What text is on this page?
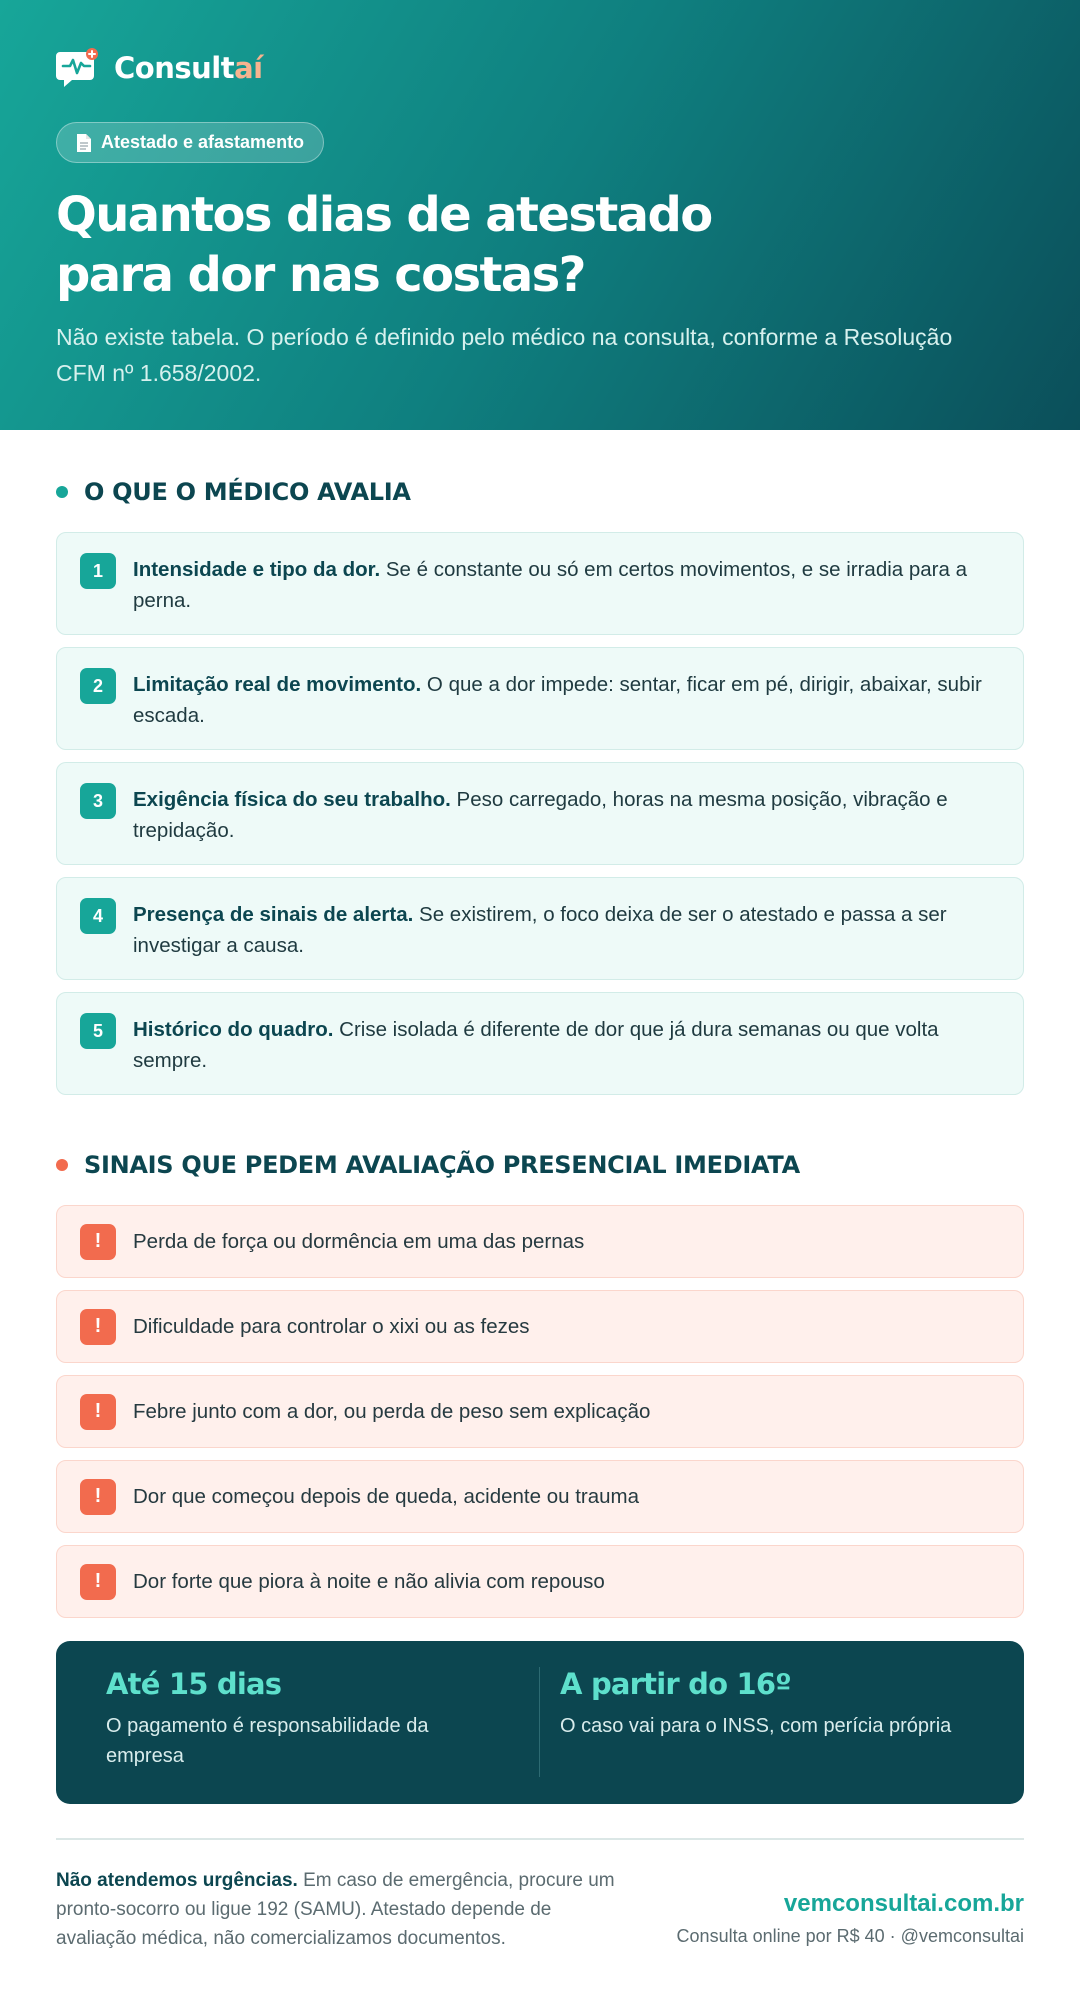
Consultaí
Atestado e afastamento
Quantos dias de atestado para dor nas costas?

Não existe tabela. O período é definido pelo médico na consulta, conforme a Resolução CFM nº 1.658/2002.

O QUE O MÉDICO AVALIA
1	Intensidade e tipo da dor. Se é constante ou só em certos movimentos, e se irradia para a perna.

2	Limitação real de movimento. O que a dor impede: sentar, ficar em pé, dirigir, abaixar, subir escada.

3	Exigência física do seu trabalho. Peso carregado, horas na mesma posição, vibração e trepidação.

4	Presença de sinais de alerta. Se existirem, o foco deixa de ser o atestado e passa a ser investigar a causa.

5	Histórico do quadro. Crise isolada é diferente de dor que já dura semanas ou que volta sempre.

SINAIS QUE PEDEM AVALIAÇÃO PRESENCIAL IMEDIATA
!	Perda de força ou dormência em uma das pernas
!	Dificuldade para controlar o xixi ou as fezes
!	Febre junto com a dor, ou perda de peso sem explicação
!	Dor que começou depois de queda, acidente ou trauma
!	Dor forte que piora à noite e não alivia com repouso
Até 15 dias
O pagamento é responsabilidade da empresa
A partir do 16º
O caso vai para o INSS, com perícia própria

Não atendemos urgências. Em caso de emergência, procure um pronto-socorro ou ligue 192 (SAMU). Atestado depende de avaliação médica, não comercializamos documentos.

vemconsultai.com.br
Consulta online por R$ 40 · @vemconsultai
